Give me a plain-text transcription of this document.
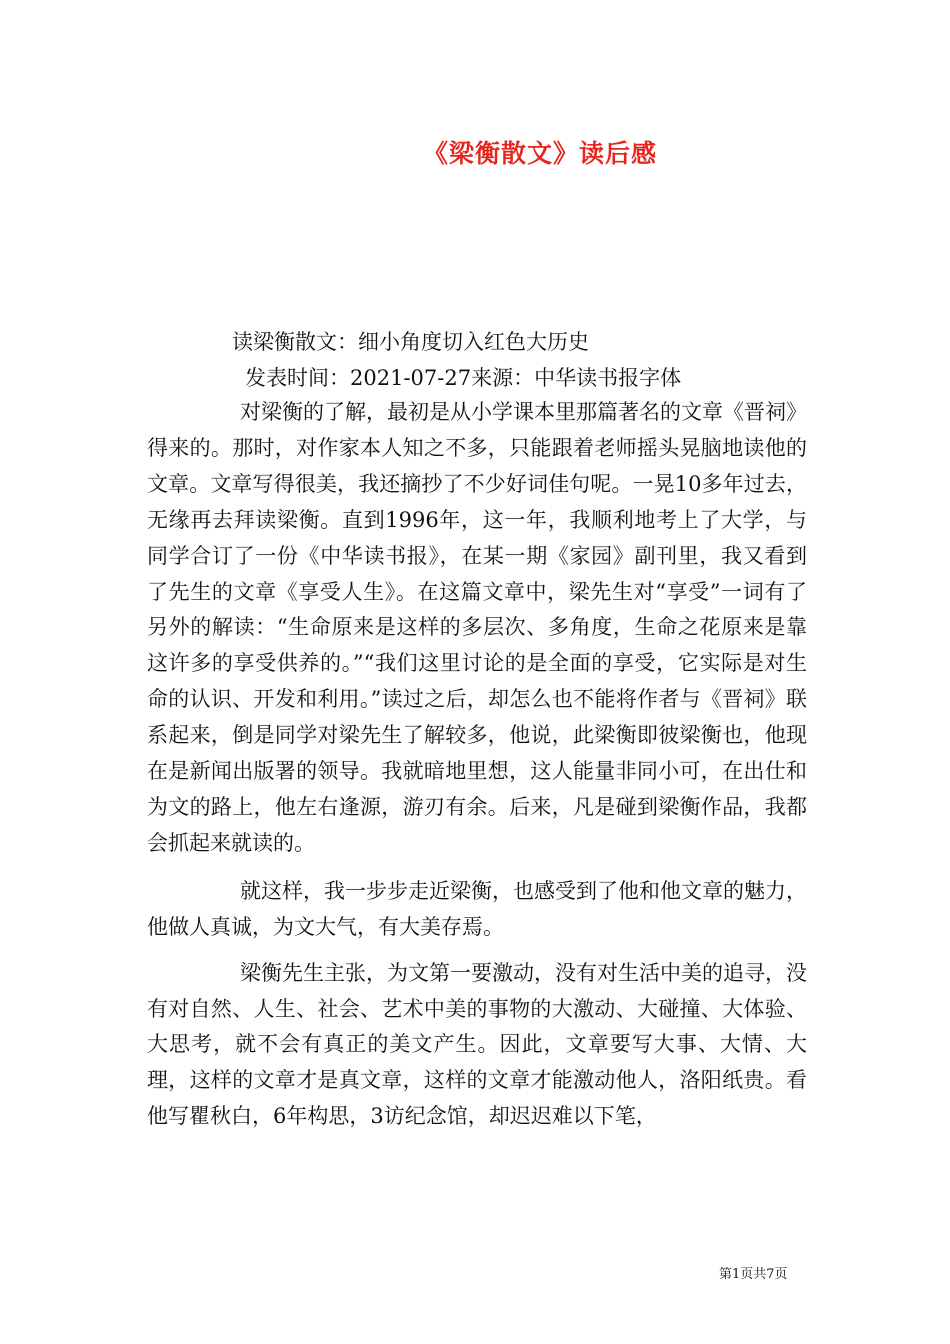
《梁衡散文》读后感
读梁衡散文：细小角度切入红色大历史
发表时间：2021-07-27来源：中华读书报字体

对梁衡的了解，最初是从小学课本里那篇著名的文章《晋祠》得来的。那时，对作家本人知之不多，只能跟着老师摇头晃脑地读他的文章。文章写得很美，我还摘抄了不少好词佳句呢。一晃10多年过去，无缘再去拜读梁衡。直到1996年，这一年，我顺利地考上了大学，与同学合订了一份《中华读书报》，在某一期《家园》副刊里，我又看到了先生的文章《享受人生》。在这篇文章中，梁先生对“享受”一词有了另外的解读：“生命原来是这样的多层次、多角度，生命之花原来是靠这许多的享受供养的。”“我们这里讨论的是全面的享受，它实际是对生命的认识、开发和利用。”读过之后，却怎么也不能将作者与《晋祠》联系起来，倒是同学对梁先生了解较多，他说，此梁衡即彼梁衡也，他现在是新闻出版署的领导。我就暗地里想，这人能量非同小可，在出仕和为文的路上，他左右逢源，游刃有余。后来，凡是碰到梁衡作品，我都会抓起来就读的。

就这样，我一步步走近梁衡，也感受到了他和他文章的魅力，他做人真诚，为文大气，有大美存焉。

梁衡先生主张，为文第一要激动，没有对生活中美的追寻，没有对自然、人生、社会、艺术中美的事物的大激动、大碰撞、大体验、大思考，就不会有真正的美文产生。因此，文章要写大事、大情、大理，这样的文章才是真文章，这样的文章才能激动他人，洛阳纸贵。看他写瞿秋白，6年构思，3访纪念馆，却迟迟难以下笔，

第1页共7页
